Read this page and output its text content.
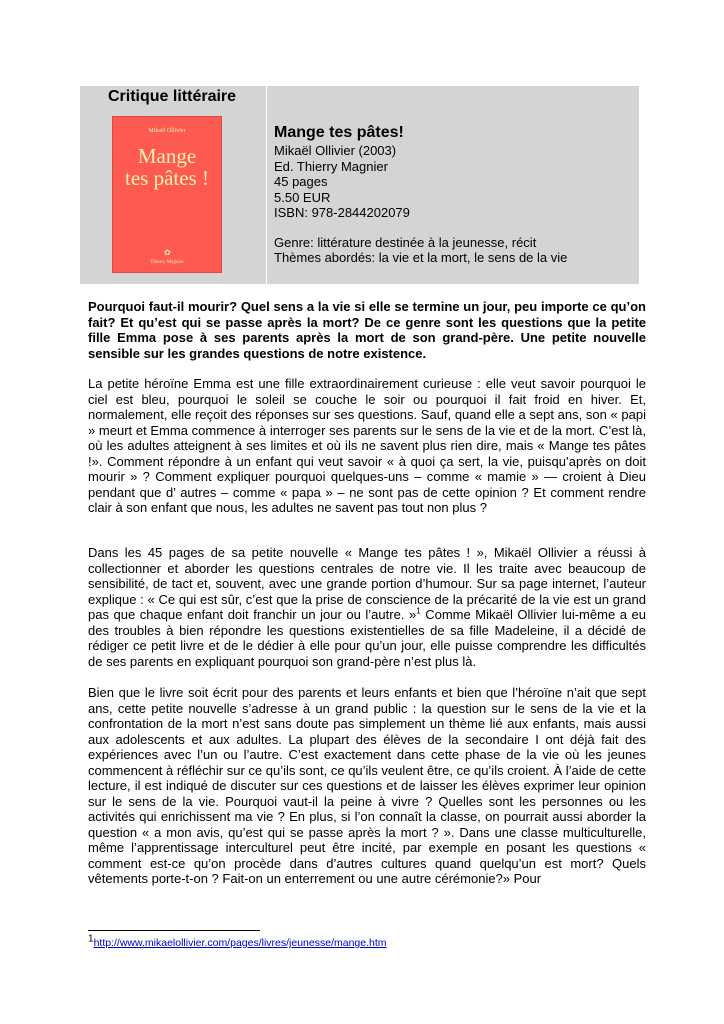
Critique littéraire
Mikaël Ollivier
Mange
tes pâtes !
✿
Thierry Magnier
Mange tes pâtes!
Mikaël Ollivier (2003)
Ed. Thierry Magnier
45 pages
5.50 EUR
ISBN: 978-2844202079
Genre: littérature destinée à la jeunesse, récit
Thèmes abordés: la vie et la mort, le sens de la vie

Pourquoi faut-il mourir? Quel sens a la vie si elle se termine un jour, peu importe ce qu’on fait? Et qu’est qui se passe après la mort? De ce genre sont les questions que la petite fille Emma pose à ses parents après la mort de son grand-père. Une petite nouvelle sensible sur les grandes questions de notre existence.

La petite héroïne Emma est une fille extraordinairement curieuse : elle veut savoir pourquoi le ciel est bleu, pourquoi le soleil se couche le soir ou pourquoi il fait froid en hiver. Et, normalement, elle reçoit des réponses sur ses questions. Sauf, quand elle a sept ans, son « papi » meurt et Emma commence à interroger ses parents sur le sens de la vie et de la mort. C’est là, où les adultes atteignent à ses limites et où ils ne savent plus rien dire, mais « Mange tes pâtes !». Comment répondre à un enfant qui veut savoir « à quoi ça sert, la vie, puisqu’après on doit mourir » ? Comment expliquer pourquoi quelques-uns – comme « mamie » — croient à Dieu pendant que d’ autres – comme « papa » – ne sont pas de cette opinion ? Et comment rendre clair à son enfant que nous, les adultes ne savent pas tout non plus ?

Dans les 45 pages de sa petite nouvelle « Mange tes pâtes ! », Mikaël Ollivier a réussi à collectionner et aborder les questions centrales de notre vie. Il les traite avec beaucoup de sensibilité, de tact et, souvent, avec une grande portion d’humour. Sur sa page internet, l’auteur explique : « Ce qui est sûr, c’est que la prise de conscience de la précarité de la vie est un grand pas que chaque enfant doit franchir un jour ou l’autre. »$^1$ Comme Mikaël Ollivier lui-même a eu des troubles à bien répondre les questions existentielles de sa fille Madeleine, il a décidé de rédiger ce petit livre et de le dédier à elle pour qu’un jour, elle puisse comprendre les difficultés de ses parents en expliquant pourquoi son grand-père n’est plus là.

Bien que le livre soit écrit pour des parents et leurs enfants et bien que l’héroïne n’ait que sept ans, cette petite nouvelle s’adresse à un grand public : la question sur le sens de la vie et la confrontation de la mort n’est sans doute pas simplement un thème lié aux enfants, mais aussi aux adolescents et aux adultes. La plupart des élèves de la secondaire I ont déjà fait des expériences avec l’un ou l’autre. C’est exactement dans cette phase de la vie où les jeunes commencent à réfléchir sur ce qu’ils sont, ce qu’ils veulent être, ce qu’ils croient. À l’aide de cette lecture, il est indiqué de discuter sur ces questions et de laisser les élèves exprimer leur opinion sur le sens de la vie. Pourquoi vaut-il la peine à vivre ? Quelles sont les personnes ou les activités qui enrichissent ma vie ? En plus, si l’on connaît la classe, on pourrait aussi aborder la question « a mon avis, qu’est qui se passe après la mort ? ». Dans une classe multiculturelle, même l’apprentissage interculturel peut être incité, par exemple en posant les questions « comment est-ce qu’on procède dans d’autres cultures quand quelqu’un est mort? Quels vêtements porte-t-on ? Fait-on un enterrement ou une autre cérémonie?» Pour

$^1$http://www.mikaelollivier.com/pages/livres/jeunesse/mange.htm
